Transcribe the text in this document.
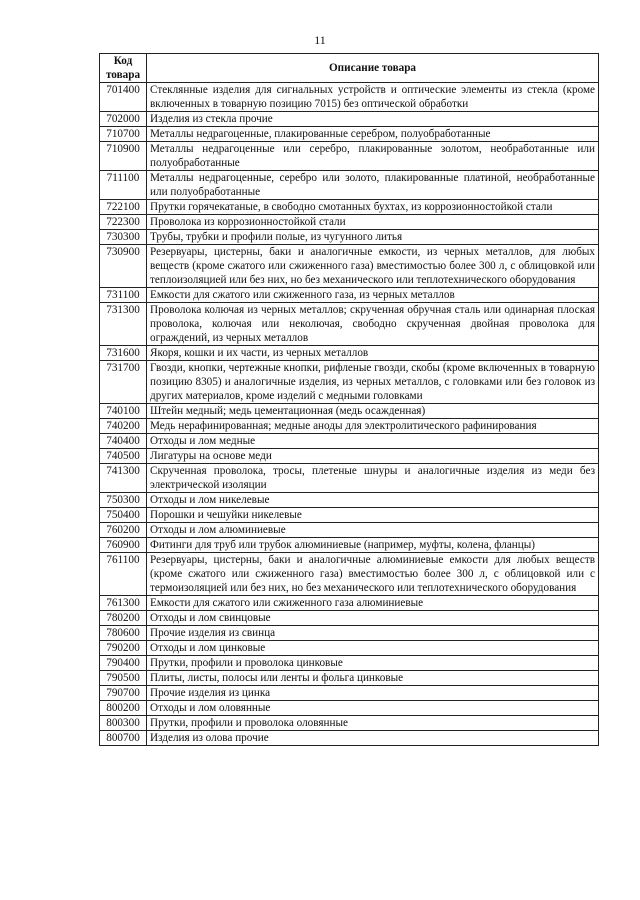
11
Код товара	Описание товара
701400	Стеклянные изделия для сигнальных устройств и оптические элементы из стекла (кроме включенных в товарную позицию 7015) без оптической обработки
702000	Изделия из стекла прочие
710700	Металлы недрагоценные, плакированные серебром, полуобработанные
710900	Металлы недрагоценные или серебро, плакированные золотом, необработанные или полуобработанные
711100	Металлы недрагоценные, серебро или золото, плакированные платиной, необработанные или полуобработанные
722100	Прутки горячекатаные, в свободно смотанных бухтах, из коррозионностойкой стали
722300	Проволока из коррозионностойкой стали
730300	Трубы, трубки и профили полые, из чугунного литья
730900	Резервуары, цистерны, баки и аналогичные емкости, из черных металлов, для любых веществ (кроме сжатого или сжиженного газа) вместимостью более 300 л, с облицовкой или теплоизоляцией или без них, но без механического или теплотехнического оборудования
731100	Емкости для сжатого или сжиженного газа, из черных металлов
731300	Проволока колючая из черных металлов; скрученная обручная сталь или одинарная плоская проволока, колючая или неколючая, свободно скрученная двойная проволока для ограждений, из черных металлов
731600	Якоря, кошки и их части, из черных металлов
731700	Гвозди, кнопки, чертежные кнопки, рифленые гвозди, скобы (кроме включенных в товарную позицию 8305) и аналогичные изделия, из черных металлов, с головками или без головок из других материалов, кроме изделий с медными головками
740100	Штейн медный; медь цементационная (медь осажденная)
740200	Медь нерафинированная; медные аноды для электролитического рафинирования
740400	Отходы и лом медные
740500	Лигатуры на основе меди
741300	Скрученная проволока, тросы, плетеные шнуры и аналогичные изделия из меди без электрической изоляции
750300	Отходы и лом никелевые
750400	Порошки и чешуйки никелевые
760200	Отходы и лом алюминиевые
760900	Фитинги для труб или трубок алюминиевые (например, муфты, колена, фланцы)
761100	Резервуары, цистерны, баки и аналогичные алюминиевые емкости для любых веществ (кроме сжатого или сжиженного газа) вместимостью более 300 л, с облицовкой или с термоизоляцией или без них, но без механического или теплотехнического оборудования
761300	Емкости для сжатого или сжиженного газа алюминиевые
780200	Отходы и лом свинцовые
780600	Прочие изделия из свинца
790200	Отходы и лом цинковые
790400	Прутки, профили и проволока цинковые
790500	Плиты, листы, полосы или ленты и фольга цинковые
790700	Прочие изделия из цинка
800200	Отходы и лом оловянные
800300	Прутки, профили и проволока оловянные
800700	Изделия из олова прочие
